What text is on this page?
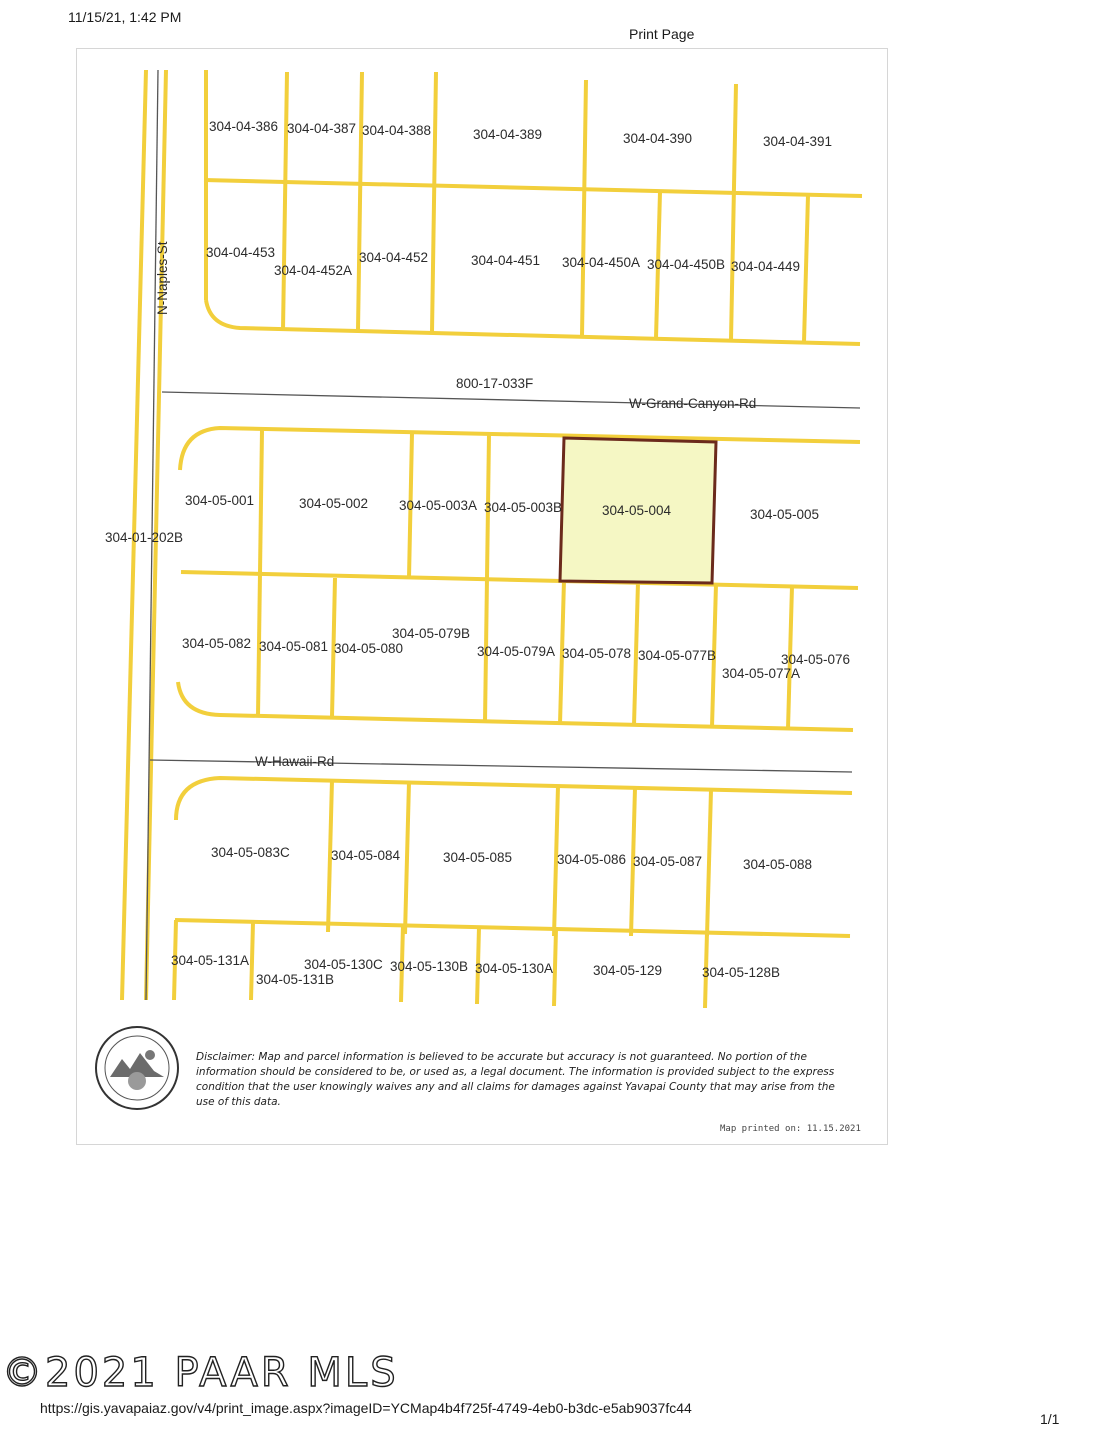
11/15/21, 1:42 PM
Print Page
N-Naples-St
800-17-033F
W-Grand-Canyon-Rd
W-Hawaii-Rd
304-04-386 304-04-387 304-04-388	304-04-389	304-04-390	304-04-391
304-04-453
304-04-452A
304-04-452	304-04-451 304-04-450A 304-04-450B 304-04-449
304-05-001	304-05-002 304-05-003A 304-05-003B	304-05-004	304-05-005
304-01-202B
304-05-082 304-05-081 304-05-080
304-05-079B
304-05-079A 304-05-078 304-05-077B
304-05-077A
304-05-076
304-05-083C	304-05-084	304-05-085	304-05-086 304-05-087	304-05-088
304-05-131A
304-05-131B
304-05-130C 304-05-130B 304-05-130A	304-05-129	304-05-128B
Disclaimer: Map and parcel information is believed to be accurate but accuracy is not guaranteed. No portion of the information should be considered to be, or used as, a legal document. The information is provided subject to the express condition that the user knowingly waives any and all claims for damages against Yavapai County that may arise from the use of this data.
Map printed on: 11.15.2021
©2021 PAAR MLS
https://gis.yavapaiaz.gov/v4/print_image.aspx?imageID=YCMap4b4f725f-4749-4eb0-b3dc-e5ab9037fc44
1/1
